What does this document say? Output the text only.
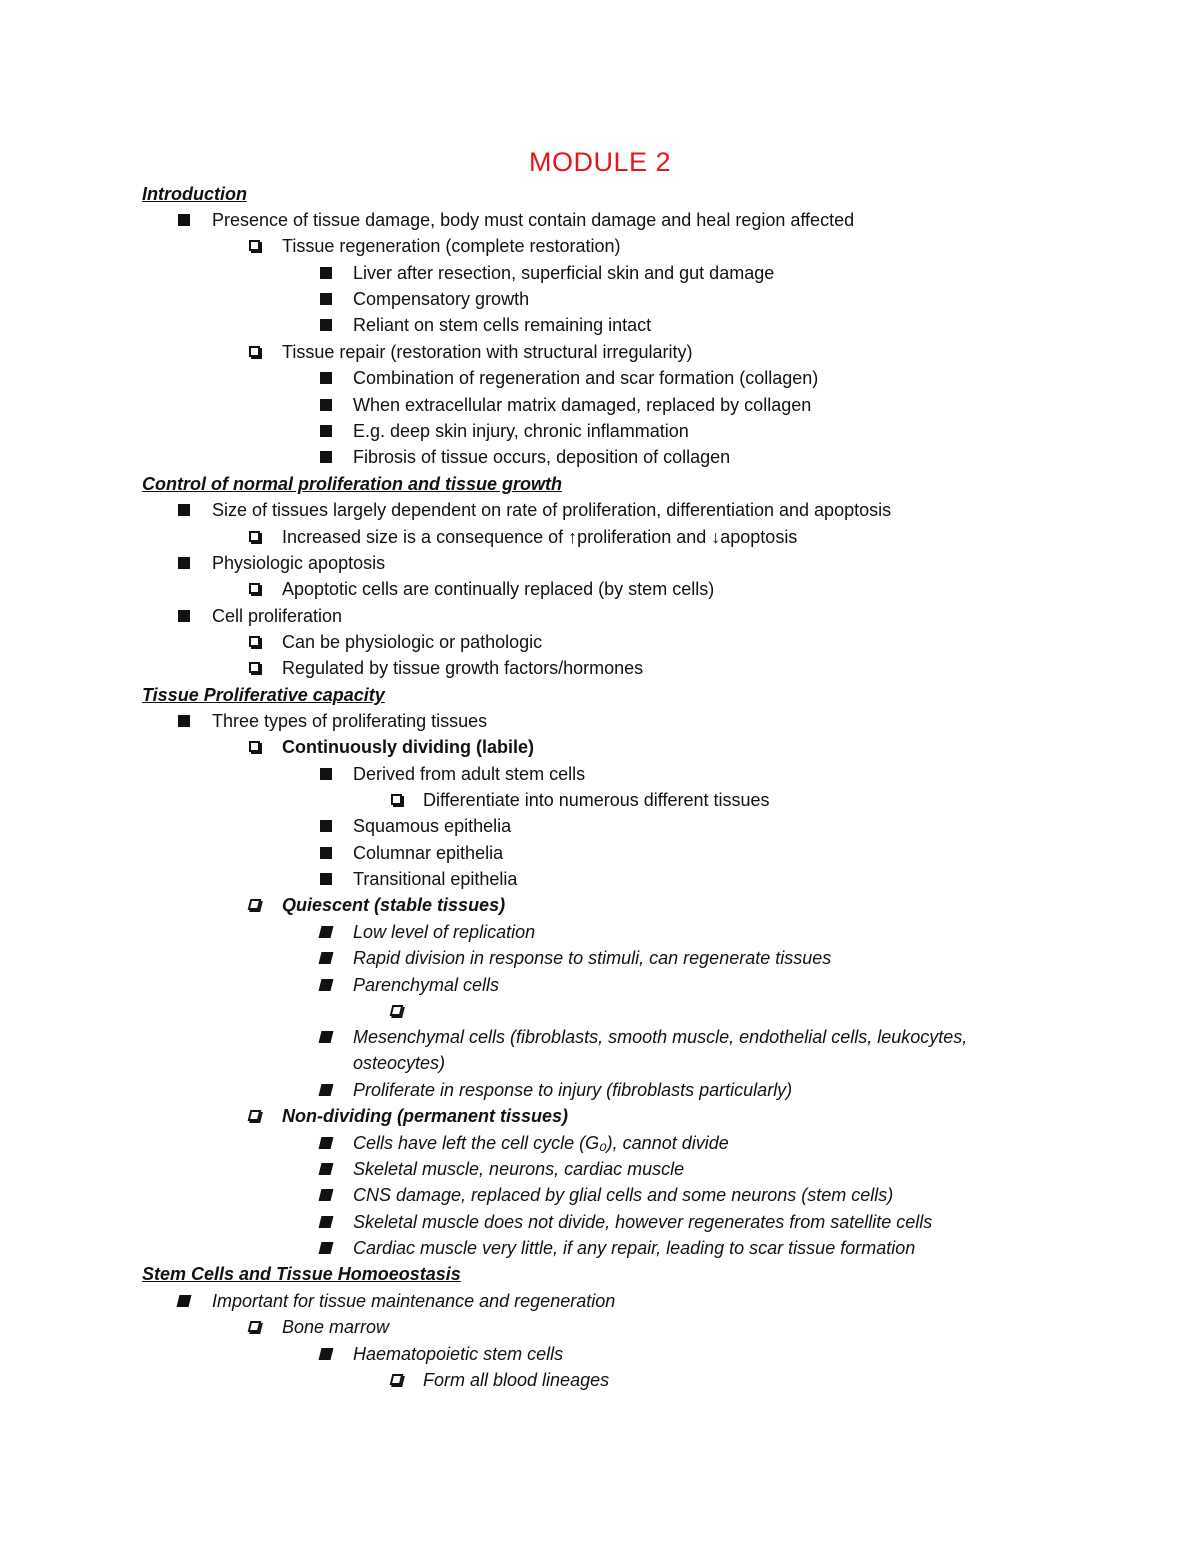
MODULE 2
Introduction
Presence of tissue damage, body must contain damage and heal region affected
Tissue regeneration (complete restoration)
Liver after resection, superficial skin and gut damage
Compensatory growth
Reliant on stem cells remaining intact
Tissue repair (restoration with structural irregularity)
Combination of regeneration and scar formation (collagen)
When extracellular matrix damaged, replaced by collagen
E.g. deep skin injury, chronic inflammation
Fibrosis of tissue occurs, deposition of collagen
Control of normal proliferation and tissue growth
Size of tissues largely dependent on rate of proliferation, differentiation and apoptosis
Increased size is a consequence of ↑proliferation and ↓apoptosis
Physiologic apoptosis
Apoptotic cells are continually replaced (by stem cells)
Cell proliferation
Can be physiologic or pathologic
Regulated by tissue growth factors/hormones
Tissue Proliferative capacity
Three types of proliferating tissues
Continuously dividing (labile)
Derived from adult stem cells
Differentiate into numerous different tissues
Squamous epithelia
Columnar epithelia
Transitional epithelia
Quiescent (stable tissues)
Low level of replication
Rapid division in response to stimuli, can regenerate tissues
Parenchymal cells
Mesenchymal cells (fibroblasts, smooth muscle, endothelial cells, leukocytes,
osteocytes)
Proliferate in response to injury (fibroblasts particularly)
Non-dividing (permanent tissues)
Cells have left the cell cycle (G₀), cannot divide
Skeletal muscle, neurons, cardiac muscle
CNS damage, replaced by glial cells and some neurons (stem cells)
Skeletal muscle does not divide, however regenerates from satellite cells
Cardiac muscle very little, if any repair, leading to scar tissue formation
Stem Cells and Tissue Homoeostasis
Important for tissue maintenance and regeneration
Bone marrow
Haematopoietic stem cells
Form all blood lineages
